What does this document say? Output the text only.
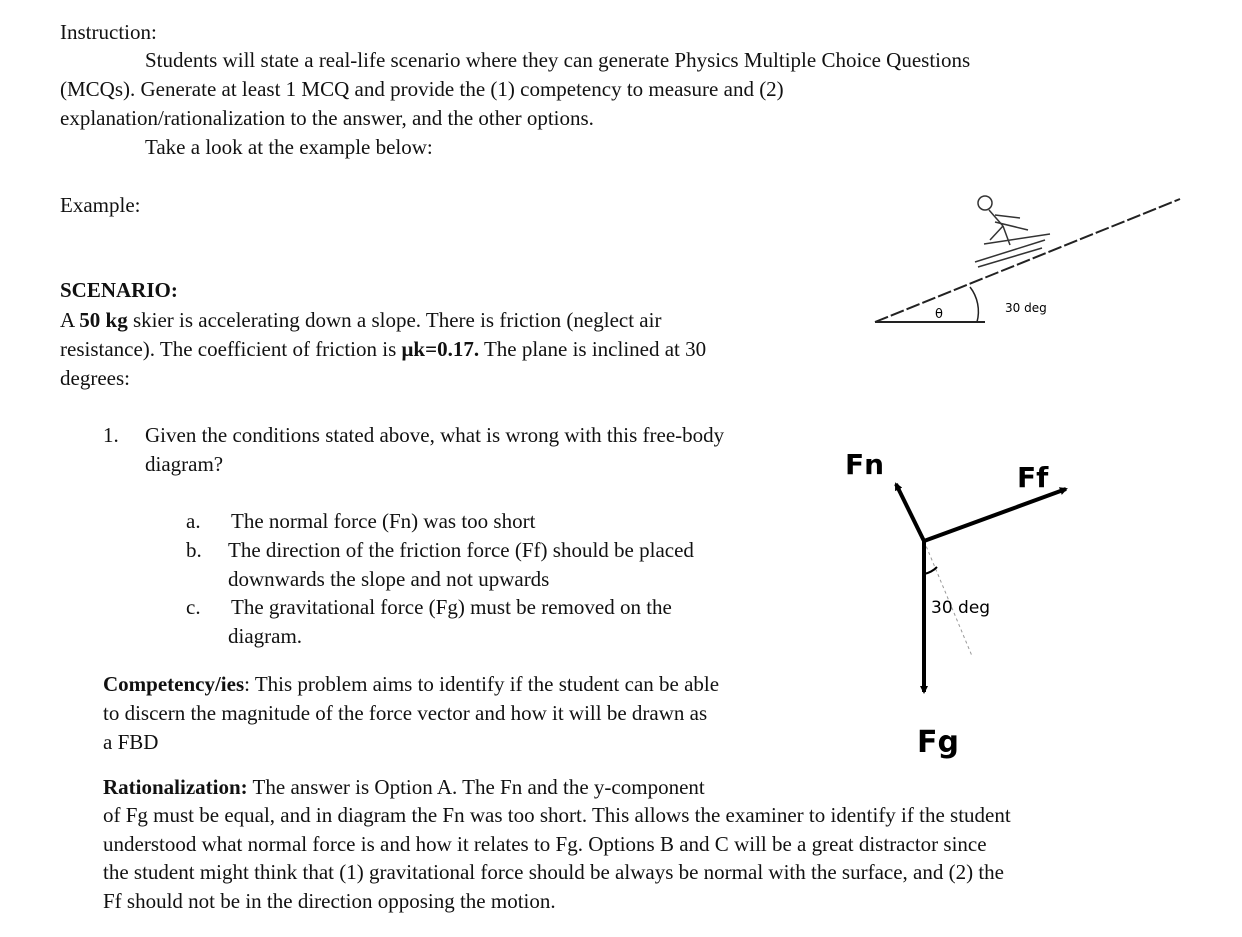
Instruction:
Students will state a real-life scenario where they can generate Physics Multiple Choice Questions
(MCQs). Generate at least 1 MCQ and provide the (1) competency to measure and (2)
explanation/rationalization to the answer, and the other options.
Take a look at the example below:
Example:
SCENARIO:
A 50 kg skier is accelerating down a slope. There is friction (neglect air
resistance). The coefficient of friction is μk=0.17. The plane is inclined at 30
degrees:
1. Given the conditions stated above, what is wrong with this free-body
diagram?
a. The normal force (Fn) was too short
b. The direction of the friction force (Ff) should be placed
downwards the slope and not upwards
c. The gravitational force (Fg) must be removed on the
diagram.
Competency/ies: This problem aims to identify if the student can be able
to discern the magnitude of the force vector and how it will be drawn as
a FBD
Rationalization: The answer is Option A. The Fn and the y-component
of Fg must be equal, and in diagram the Fn was too short. This allows the examiner to identify if the student
understood what normal force is and how it relates to Fg. Options B and C will be a great distractor since
the student might think that (1) gravitational force should be always be normal with the surface, and (2) the
Ff should not be in the direction opposing the motion.
θ	30 deg
Fn	Ff
Fg
30 deg
